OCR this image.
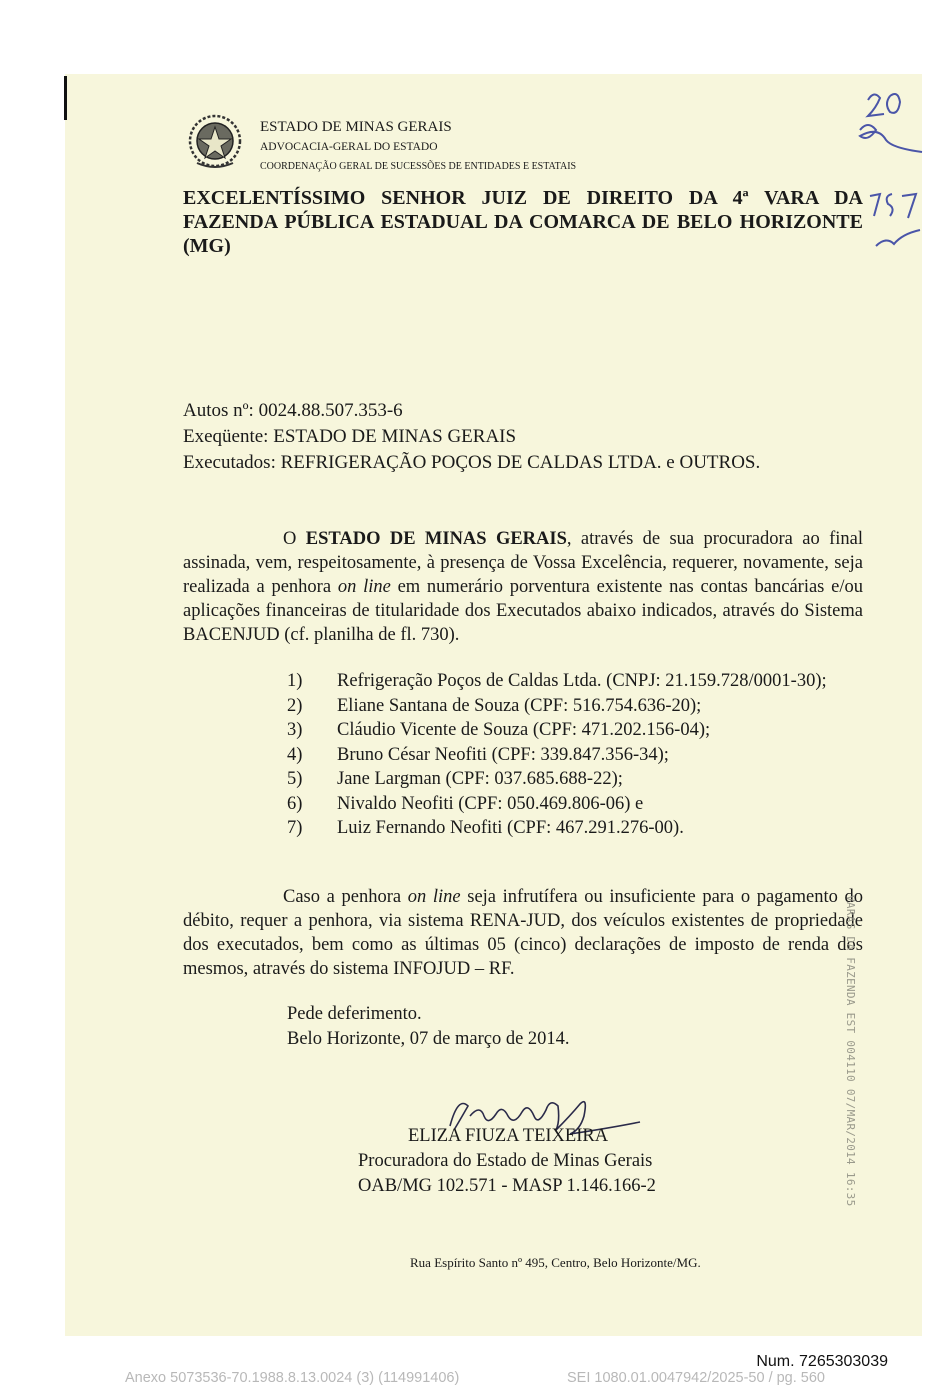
ESTADO DE MINAS GERAIS
ADVOCACIA-GERAL DO ESTADO
COORDENAÇÃO GERAL DE SUCESSÕES DE ENTIDADES E ESTATAIS
EXCELENTÍSSIMO SENHOR JUIZ DE DIREITO DA 4ª VARA DA FAZENDA PÚBLICA ESTADUAL DA COMARCA DE BELO HORIZONTE (MG)
Autos nº: 0024.88.507.353-6
Exeqüente: ESTADO DE MINAS GERAIS
Executados: REFRIGERAÇÃO POÇOS DE CALDAS LTDA. e OUTROS.
O ESTADO DE MINAS GERAIS, através de sua procuradora ao final assinada, vem, respeitosamente, à presença de Vossa Excelência, requerer, novamente, seja realizada a penhora on line em numerário porventura existente nas contas bancárias e/ou aplicações financeiras de titularidade dos Executados abaixo indicados, através do Sistema BACENJUD (cf. planilha de fl. 730).
1)	Refrigeração Poços de Caldas Ltda. (CNPJ: 21.159.728/0001-30);
2)	Eliane Santana de Souza (CPF: 516.754.636-20);
3)	Cláudio Vicente de Souza (CPF: 471.202.156-04);
4)	Bruno César Neofiti (CPF: 339.847.356-34);
5)	Jane Largman (CPF: 037.685.688-22);
6)	Nivaldo Neofiti (CPF: 050.469.806-06) e
7)	Luiz Fernando Neofiti (CPF: 467.291.276-00).
Caso a penhora on line seja infrutífera ou insuficiente para o pagamento do débito, requer a penhora, via sistema RENA-JUD, dos veículos existentes de propriedade dos executados, bem como as últimas 05 (cinco) declarações de imposto de renda dos mesmos, através do sistema INFOJUD – RF.
Pede deferimento.
Belo Horizonte, 07 de março de 2014.
ELIZA FIUZA TEIXEIRA
Procuradora do Estado de Minas Gerais
OAB/MG 102.571 - MASP 1.146.166-2
Rua Espírito Santo nº 495, Centro, Belo Horizonte/MG.
VARAS DA FAZENDA EST 004110 07/MAR/2014 16:35
Num. 7265303039
Anexo 5073536-70.1988.8.13.0024 (3) (114991406)	SEI 1080.01.0047942/2025-50 / pg. 560
